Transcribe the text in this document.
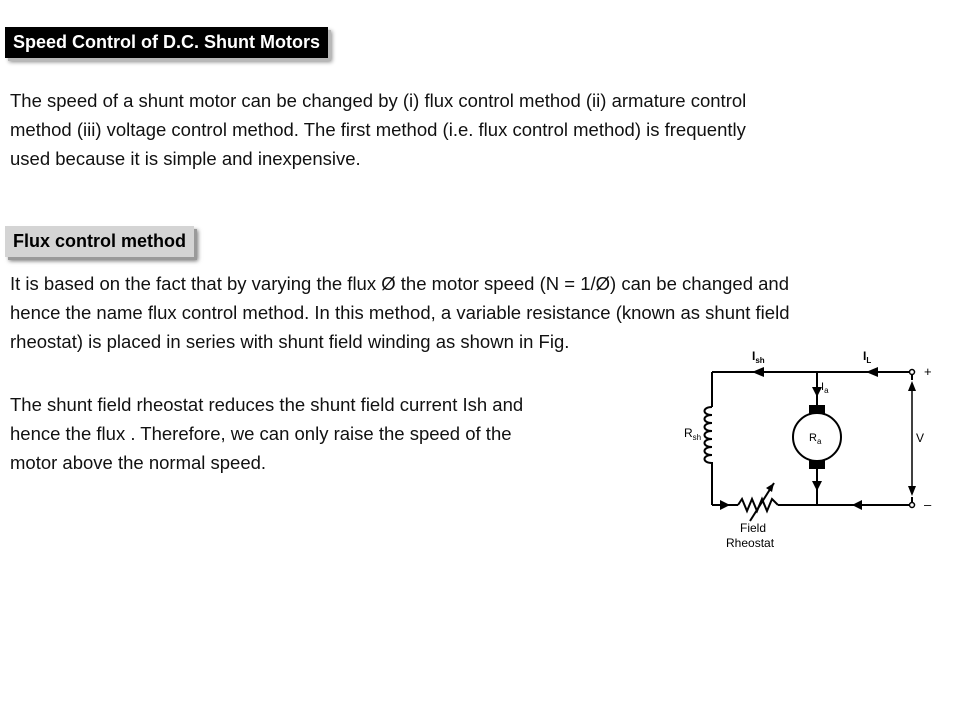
Speed Control of D.C. Shunt Motors
The speed of a shunt motor can be changed by (i) flux control method (ii) armature control
method (iii) voltage control method. The first method (i.e. flux control method) is frequently
used because it is simple and inexpensive.
Flux control method
It is based on the fact that by varying the flux Ø the motor speed (N = 1/Ø) can be changed and
hence the name flux control method. In this method, a variable resistance (known as shunt field
rheostat) is placed in series with shunt field winding as shown in Fig.
The shunt field rheostat reduces the shunt field current Ish and
hence the flux . Therefore, we can only raise the speed of the
motor above the normal speed.
$I_{sh}$	$I_L$
$I_a$
$R_{sh}$	$R_a$	V
+
–
Field
Rheostat
